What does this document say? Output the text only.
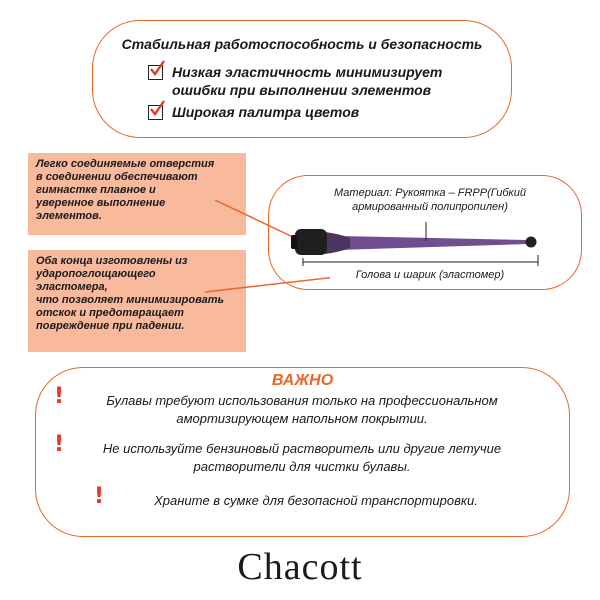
Стабильная работоспособность и безопасность
Низкая эластичность минимизирует
ошибки при выполнении элементов
Широкая палитра цветов
Легко соединяемые отверстия
в соединении обеспечивают
гимнастке плавное и
уверенное выполнение
элементов.
Оба конца изготовлены из
ударопоглощающего
эластомера,
что позволяет минимизировать
отскок и предотвращает
повреждение при падении.
Материал: Рукоятка – FRPP(Гибкий
армированный полипропилен)
Голова и шарик (эластомер)
ВАЖНО
!	Булавы требуют использования только на профессиональном
амортизирующем напольном покрытии.
!	Не используйте бензиновый растворитель или другие летучие
растворители для чистки булавы.
!	Храните в сумке для безопасной транспортировки.
Chacott
